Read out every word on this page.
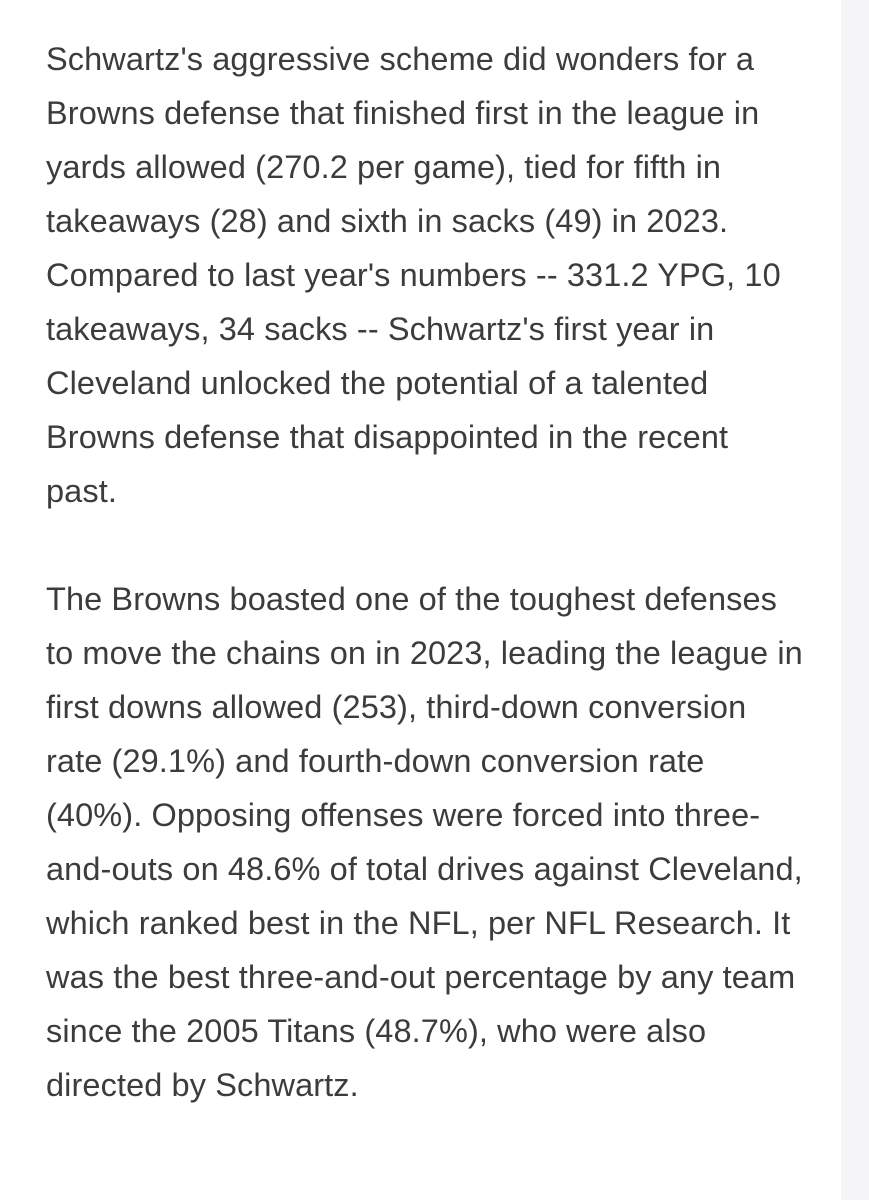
Schwartz's aggressive scheme did wonders for a Browns defense that finished first in the league in yards allowed (270.2 per game), tied for fifth in takeaways (28) and sixth in sacks (49) in 2023. Compared to last year's numbers -- 331.2 YPG, 10 takeaways, 34 sacks -- Schwartz's first year in Cleveland unlocked the potential of a talented Browns defense that disappointed in the recent past.

The Browns boasted one of the toughest defenses to move the chains on in 2023, leading the league in first downs allowed (253), third-down conversion rate (29.1%) and fourth-down conversion rate (40%). Opposing offenses were forced into three-and-outs on 48.6% of total drives against Cleveland, which ranked best in the NFL, per NFL Research. It was the best three-and-out percentage by any team since the 2005 Titans (48.7%), who were also directed by Schwartz.
